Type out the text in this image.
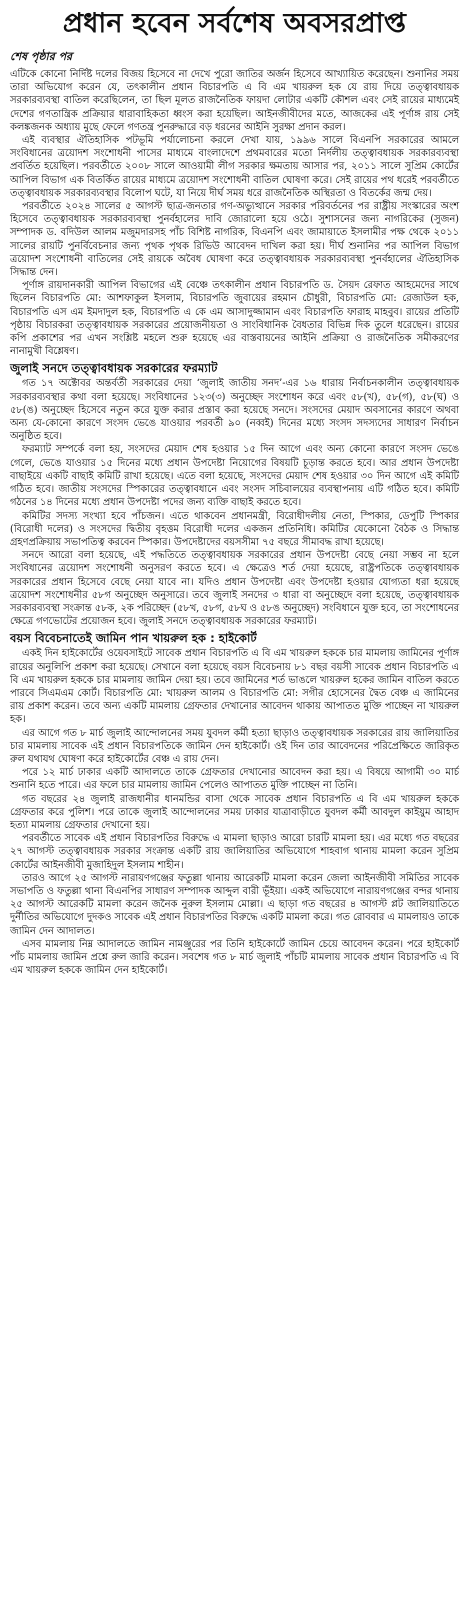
প্রধান হবেন সর্বশেষ অবসরপ্রাপ্ত
শেষ পৃষ্ঠার পর

এটিকে কোনো নির্দিষ্ট দলের বিজয় হিসেবে না দেখে পুরো জাতির অর্জন হিসেবে আখ্যায়িত করেছেন। শুনানির সময় তারা অভিযোগ করেন যে, তৎকালীন প্রধান বিচারপতি এ বি এম খায়রুল হক যে রায় দিয়ে তত্ত্বাবধায়ক সরকারব্যবস্থা বাতিল করেছিলেন, তা ছিল মূলত রাজনৈতিক ফায়দা লোটার একটি কৌশল এবং সেই রায়ের মাধ্যমেই দেশের গণতান্ত্রিক প্রক্রিয়ার ধারাবাহিকতা ধ্বংস করা হয়েছিল। আইনজীবীদের মতে, আজকের এই পূর্ণাঙ্গ রায় সেই কলঙ্কজনক অধ্যায় মুছে ফেলে গণতন্ত্র পুনরুদ্ধারে বড় ধরনের আইনি সুরক্ষা প্রদান করল।

এই ব্যবস্থার ঐতিহাসিক পটভূমি পর্যালোচনা করলে দেখা যায়, ১৯৯৬ সালে বিএনপি সরকারের আমলে সংবিধানের ত্রয়োদশ সংশোধনী পাসের মাধ্যমে বাংলাদেশে প্রথমবারের মতো নির্দলীয় তত্ত্বাবধায়ক সরকারব্যবস্থা প্রবর্তিত হয়েছিল। পরবর্তীতে ২০০৮ সালে আওয়ামী লীগ সরকার ক্ষমতায় আসার পর, ২০১১ সালে সুপ্রিম কোর্টের আপিল বিভাগ এক বিতর্কিত রায়ের মাধ্যমে ত্রয়োদশ সংশোধনী বাতিল ঘোষণা করে। সেই রায়ের পথ ধরেই পরবর্তীতে তত্ত্বাবধায়ক সরকারব্যবস্থার বিলোপ ঘটে, যা নিয়ে দীর্ঘ সময় ধরে রাজনৈতিক অস্থিরতা ও বিতর্কের জন্ম দেয়।

পরবর্তীতে ২০২৪ সালের ৫ আগস্ট ছাত্র-জনতার গণ-অভ্যুত্থানে সরকার পরিবর্তনের পর রাষ্ট্রীয় সংস্কারের অংশ হিসেবে তত্ত্বাবধায়ক সরকারব্যবস্থা পুনর্বহালের দাবি জোরালো হয়ে ওঠে। সুশাসনের জন্য নাগরিকের (সুজন) সম্পাদক ড. বদিউল আলম মজুমদারসহ পাঁচ বিশিষ্ট নাগরিক, বিএনপি এবং জামায়াতে ইসলামীর পক্ষ থেকে ২০১১ সালের রায়টি পুনর্বিবেচনার জন্য পৃথক পৃথক রিভিউ আবেদন দাখিল করা হয়। দীর্ঘ শুনানির পর আপিল বিভাগ ত্রয়োদশ সংশোধনী বাতিলের সেই রায়কে অবৈধ ঘোষণা করে তত্ত্বাবধায়ক সরকারব্যবস্থা পুনর্বহালের ঐতিহাসিক সিদ্ধান্ত দেন।

পূর্ণাঙ্গ রায়দানকারী আপিল বিভাগের এই বেঞ্চে তৎকালীন প্রধান বিচারপতি ড. সৈয়দ রেফাত আহমেদের সাথে ছিলেন বিচারপতি মো: আশফাকুল ইসলাম, বিচারপতি জুবায়ের রহমান চৌধুরী, বিচারপতি মো: রেজাউল হক, বিচারপতি এস এম ইমদাদুল হক, বিচারপতি এ কে এম আসাদুজ্জামান এবং বিচারপতি ফারাহ মাহবুব। রায়ের প্রতিটি পৃষ্ঠায় বিচারকরা তত্ত্বাবধায়ক সরকারের প্রয়োজনীয়তা ও সাংবিধানিক বৈধতার বিভিন্ন দিক তুলে ধরেছেন। রায়ের কপি প্রকাশের পর এখন সংশ্লিষ্ট মহলে শুরু হয়েছে এর বাস্তবায়নের আইনি প্রক্রিয়া ও রাজনৈতিক সমীকরণের নানামুখী বিশ্লেষণ।

জুলাই সনদে তত্ত্বাবধায়ক সরকারের ফরম্যাট

গত ১৭ অক্টোবর অন্তর্বর্তী সরকারের দেয়া ‘জুলাই জাতীয় সনদ’-এর ১৬ ধারায় নির্বাচনকালীন তত্ত্বাবধায়ক সরকারব্যবস্থার কথা বলা হয়েছে। সংবিধানের ১২৩(৩) অনুচ্ছেদ সংশোধন করে এবং ৫৮(খ), ৫৮(গ), ৫৮(ঘ) ও ৫৮(ঙ) অনুচ্ছেদ হিসেবে নতুন করে যুক্ত করার প্রস্তাব করা হয়েছে সনদে। সংসদের মেয়াদ অবসানের কারণে অথবা অন্য যে-কোনো কারণে সংসদ ভেঙে যাওয়ার পরবর্তী ৯০ (নব্বই) দিনের মধ্যে সংসদ সদস্যদের সাধারণ নির্বাচন অনুষ্ঠিত হবে।

ফরম্যাট সম্পর্কে বলা হয়, সংসদের মেয়াদ শেষ হওয়ার ১৫ দিন আগে এবং অন্য কোনো কারণে সংসদ ভেঙে গেলে, ভেঙে যাওয়ার ১৫ দিনের মধ্যে প্রধান উপদেষ্টা নিয়োগের বিষয়টি চূড়ান্ত করতে হবে। আর প্রধান উপদেষ্টা বাছাইয়ে একটি বাছাই কমিটি রাখা হয়েছে। এতে বলা হয়েছে, সংসদের মেয়াদ শেষ হওয়ার ৩০ দিন আগে এই কমিটি গঠিত হবে। জাতীয় সংসদের স্পিকারের তত্ত্বাবধানে এবং সংসদ সচিবালয়ের ব্যবস্থাপনায় এটি গঠিত হবে। কমিটি গঠনের ১৪ দিনের মধ্যে প্রধান উপদেষ্টা পদের জন্য ব্যক্তি বাছাই করতে হবে।

কমিটির সদস্য সংখ্যা হবে পাঁচজন। এতে থাকবেন প্রধানমন্ত্রী, বিরোধীদলীয় নেতা, স্পিকার, ডেপুটি স্পিকার (বিরোধী দলের) ও সংসদের দ্বিতীয় বৃহত্তম বিরোধী দলের একজন প্রতিনিধি। কমিটির যেকোনো বৈঠক ও সিদ্ধান্ত গ্রহণপ্রক্রিয়ায় সভাপতিত্ব করবেন স্পিকার। উপদেষ্টাদের বয়সসীমা ৭৫ বছরে সীমাবদ্ধ রাখা হয়েছে।

সনদে আরো বলা হয়েছে, এই পদ্ধতিতে তত্ত্বাবধায়ক সরকারের প্রধান উপদেষ্টা বেছে নেয়া সম্ভব না হলে সংবিধানের ত্রয়োদশ সংশোধনী অনুসরণ করতে হবে। এ ক্ষেত্রেও শর্ত দেয়া হয়েছে, রাষ্ট্রপতিকে তত্ত্বাবধায়ক সরকারের প্রধান হিসেবে বেছে নেয়া যাবে না। যদিও প্রধান উপদেষ্টা এবং উপদেষ্টা হওয়ার যোগ্যতা ধরা হয়েছে ত্রয়োদশ সংশোধনীর ৫৮গ অনুচ্ছেদ অনুসারে। তবে জুলাই সনদের ৩ ধারা বা অনুচ্ছেদে বলা হয়েছে, তত্ত্বাবধায়ক সরকারব্যবস্থা সংক্রান্ত ৫৮ক, ২ক পরিচ্ছেদ (৫৮খ, ৫৮গ, ৫৮ঘ ও ৫৮ঙ অনুচ্ছেদ) সংবিধানে যুক্ত হবে, তা সংশোধনের ক্ষেত্রে গণভোটের প্রয়োজন হবে। জুলাই সনদে তত্ত্বাবধায়ক সরকারের ফরম্যাট।

বয়স বিবেচনাতেই জামিন পান খায়রুল হক : হাইকোর্ট

একই দিন হাইকোর্টের ওয়েবসাইটে সাবেক প্রধান বিচারপতি এ বি এম খায়রুল হককে চার মামলায় জামিনের পূর্ণাঙ্গ রায়ের অনুলিপি প্রকাশ করা হয়েছে। সেখানে বলা হয়েছে বয়স বিবেচনায় ৮১ বছর বয়সী সাবেক প্রধান বিচারপতি এ বি এম খায়রুল হককে চার মামলায় জামিন দেয়া হয়। তবে জামিনের শর্ত ভাঙলে খায়রুল হকের জামিন বাতিল করতে পারবে সিএমএম কোর্ট। বিচারপতি মো: খায়রুল আলম ও বিচারপতি মো: সগীর হোসেনের দ্বৈত বেঞ্চ এ জামিনের রায় প্রকাশ করেন। তবে অন্য একটি মামলায় গ্রেফতার দেখানোর আবেদন থাকায় আপাতত মুক্তি পাচ্ছেন না খায়রুল হক।

এর আগে গত ৮ মার্চ জুলাই আন্দোলনের সময় যুবদল কর্মী হত্যা ছাড়াও তত্ত্বাবধায়ক সরকারের রায় জালিয়াতির চার মামলায় সাবেক এই প্রধান বিচারপতিকে জামিন দেন হাইকোর্ট। ওই দিন তার আবেদনের পরিপ্রেক্ষিতে জারিকৃত রুল যথাযথ ঘোষণা করে হাইকোর্টের বেঞ্চ এ রায় দেন।

পরে ১২ মার্চ ঢাকার একটি আদালতে তাকে গ্রেফতার দেখানোর আবেদন করা হয়। এ বিষয়ে আগামী ৩০ মার্চ শুনানি হতে পারে। এর ফলে চার মামলায় জামিন পেলেও আপাতত মুক্তি পাচ্ছেন না তিনি।

গত বছরের ২৪ জুলাই রাজধানীর ধানমন্ডির বাসা থেকে সাবেক প্রধান বিচারপতি এ বি এম খায়রুল হককে গ্রেফতার করে পুলিশ। পরে তাকে জুলাই আন্দোলনের সময় ঢাকার যাত্রাবাড়ীতে যুবদল কর্মী আবদুল কাইয়ুম আহাদ হত্যা মামলায় গ্রেফতার দেখানো হয়।

পরবর্তীতে সাবেক এই প্রধান বিচারপতির বিরুদ্ধে এ মামলা ছাড়াও আরো চারটি মামলা হয়। এর মধ্যে গত বছরের ২৭ আগস্ট তত্ত্বাবধায়ক সরকার সংক্রান্ত একটি রায় জালিয়াতির অভিযোগে শাহবাগ থানায় মামলা করেন সুপ্রিম কোর্টের আইনজীবী মুজাহিদুল ইসলাম শাহীন।

তারও আগে ২৫ আগস্ট নারায়ণগঞ্জের ফতুল্লা থানায় আরেকটি মামলা করেন জেলা আইনজীবী সমিতির সাবেক সভাপতি ও ফতুল্লা থানা বিএনপির সাধারণ সম্পাদক আব্দুল বারী ভূঁইয়া। একই অভিযোগে নারায়ণগঞ্জের বন্দর থানায় ২৫ আগস্ট আরেকটি মামলা করেন জনৈক নুরুল ইসলাম মোল্লা। এ ছাড়া গত বছরের ৪ আগস্ট প্লট জালিয়াতিতে দুর্নীতির অভিযোগে দুদকও সাবেক এই প্রধান বিচারপতির বিরুদ্ধে একটি মামলা করে। গত রোববার এ মামলায়ও তাকে জামিন দেন আদালত।

এসব মামলায় নিম্ন আদালতে জামিন নামঞ্জুরের পর তিনি হাইকোর্টে জামিন চেয়ে আবেদন করেন। পরে হাইকোর্ট পাঁচ মামলায় জামিন প্রশ্নে রুল জারি করেন। সবশেষ গত ৮ মার্চ জুলাই পাঁচটি মামলায় সাবেক প্রধান বিচারপতি এ বি এম খায়রুল হককে জামিন দেন হাইকোর্ট।
